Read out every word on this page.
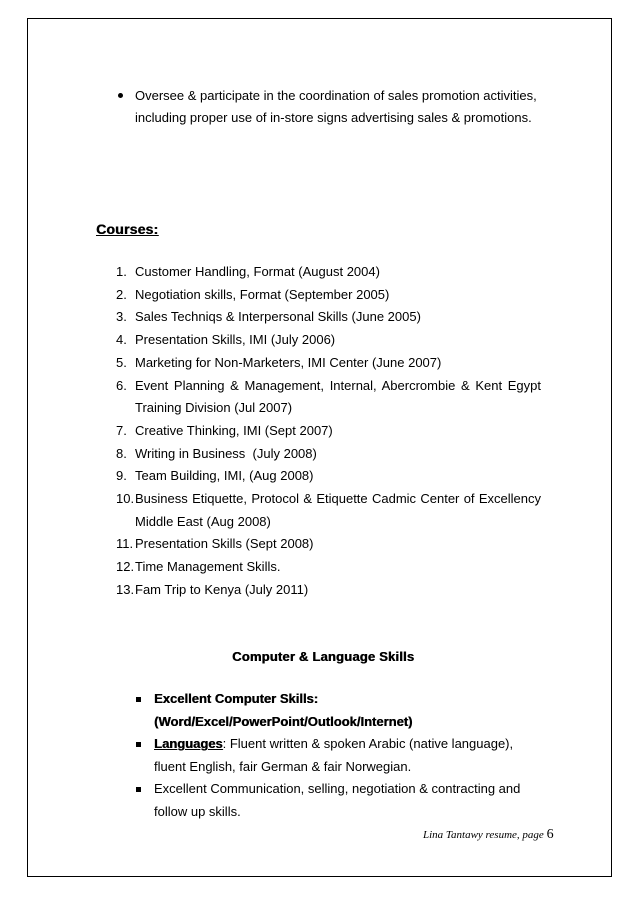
Oversee & participate in the coordination of sales promotion activities,
including proper use of in-store signs advertising sales & promotions.
Courses:
1. Customer Handling, Format (August 2004)
2. Negotiation skills, Format (September 2005)
3. Sales Techniqs & Interpersonal Skills (June 2005)
4. Presentation Skills, IMI (July 2006)
5. Marketing for Non-Marketers, IMI Center (June 2007)
6. Event Planning & Management, Internal, Abercrombie & Kent Egypt
Training Division (Jul 2007)
7. Creative Thinking, IMI (Sept 2007)
8. Writing in Business  (July 2008)
9. Team Building, IMI, (Aug 2008)
10. Business Etiquette, Protocol & Etiquette Cadmic Center of Excellency
Middle East (Aug 2008)
11. Presentation Skills (Sept 2008)
12. Time Management Skills.
13. Fam Trip to Kenya (July 2011)
Computer & Language Skills
Excellent Computer Skills:
(Word/Excel/PowerPoint/Outlook/Internet)
Languages: Fluent written & spoken Arabic (native language),
fluent English, fair German & fair Norwegian.
Excellent Communication, selling, negotiation & contracting and
follow up skills.
Lina Tantawy resume, page 6
